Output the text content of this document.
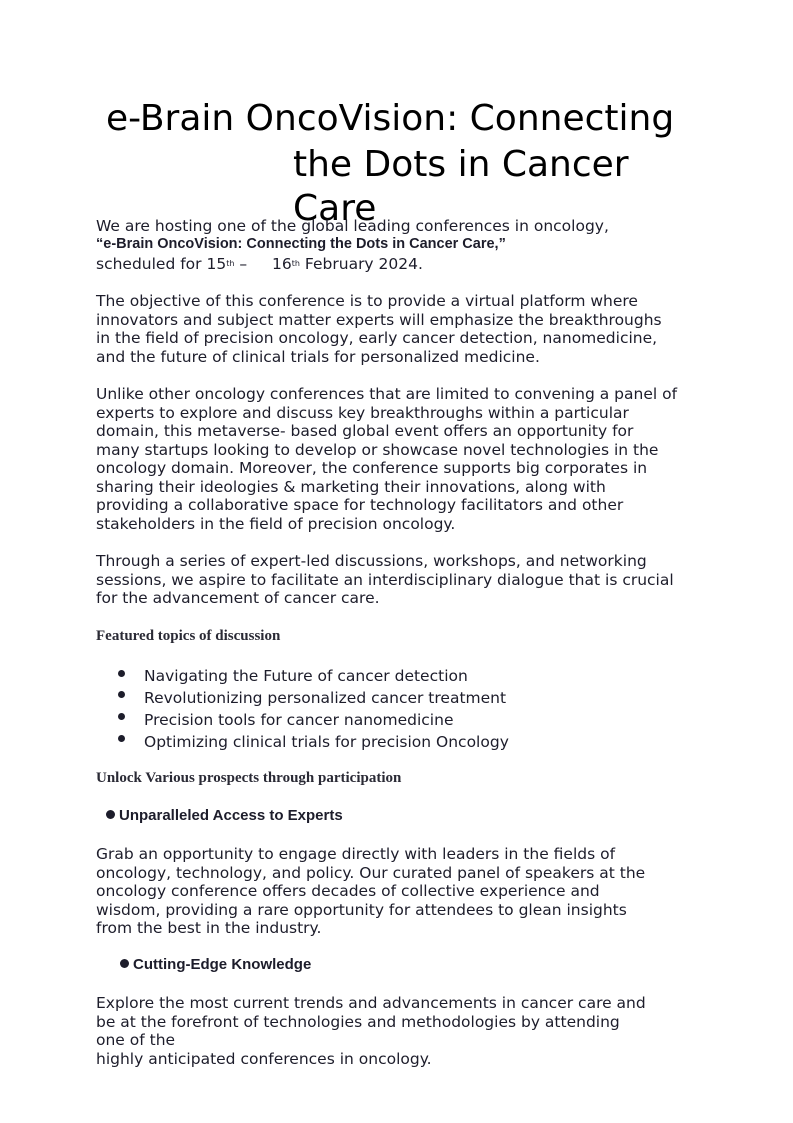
e-Brain OncoVision: Connecting
the Dots in Cancer
Care
We are hosting one of the global leading conferences in oncology,
“e-Brain OncoVision: Connecting the Dots in Cancer Care,”
scheduled for 15th – 16th February 2024.
The objective of this conference is to provide a virtual platform where
innovators and subject matter experts will emphasize the breakthroughs
in the field of precision oncology, early cancer detection, nanomedicine,
and the future of clinical trials for personalized medicine.
Unlike other oncology conferences that are limited to convening a panel of
experts to explore and discuss key breakthroughs within a particular
domain, this metaverse- based global event offers an opportunity for
many startups looking to develop or showcase novel technologies in the
oncology domain. Moreover, the conference supports big corporates in
sharing their ideologies & marketing their innovations, along with
providing a collaborative space for technology facilitators and other
stakeholders in the field of precision oncology.
Through a series of expert-led discussions, workshops, and networking
sessions, we aspire to facilitate an interdisciplinary dialogue that is crucial
for the advancement of cancer care.
Featured topics of discussion
Navigating the Future of cancer detection
Revolutionizing personalized cancer treatment
Precision tools for cancer nanomedicine
Optimizing clinical trials for precision Oncology
Unlock Various prospects through participation
Unparalleled Access to Experts
Grab an opportunity to engage directly with leaders in the fields of
oncology, technology, and policy. Our curated panel of speakers at the
oncology conference offers decades of collective experience and
wisdom, providing a rare opportunity for attendees to glean insights
from the best in the industry.
Cutting-Edge Knowledge
Explore the most current trends and advancements in cancer care and
be at the forefront of technologies and methodologies by attending
one of the
highly anticipated conferences in oncology.
